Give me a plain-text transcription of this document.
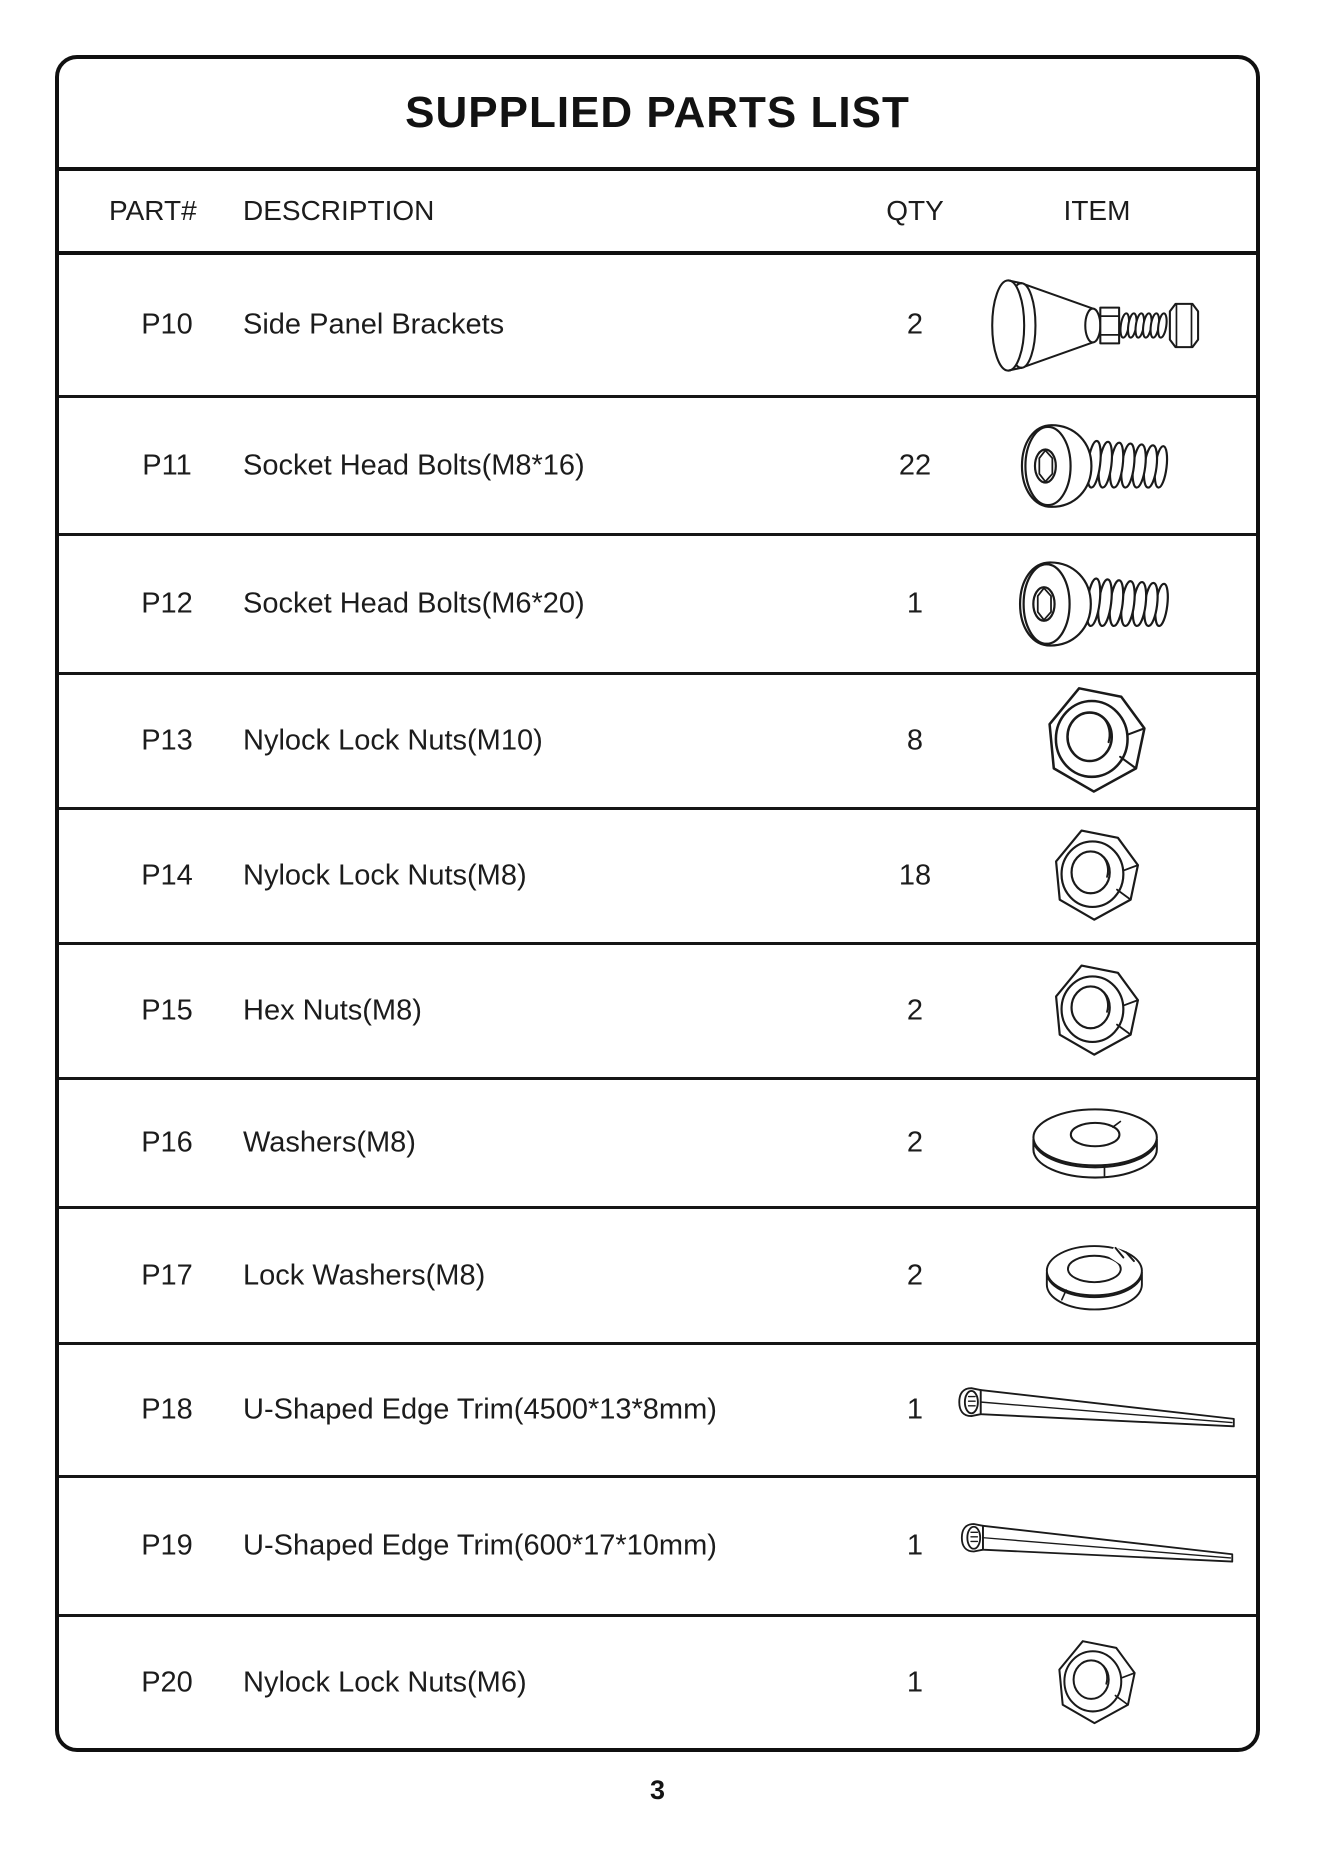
SUPPLIED PARTS LIST
PART# DESCRIPTION	QTY	ITEM
P10	Side Panel Brackets	2
P11	Socket Head Bolts(M8*16)	22
P12	Socket Head Bolts(M6*20)	1
P13	Nylock Lock Nuts(M10)	8
P14	Nylock Lock Nuts(M8)	18
P15	Hex Nuts(M8)	2
P16	Washers(M8)	2
P17	Lock Washers(M8)	2
P18	U-Shaped Edge Trim(4500*13*8mm)	1
P19	U-Shaped Edge Trim(600*17*10mm)	1
P20	Nylock Lock Nuts(M6)	1
3
